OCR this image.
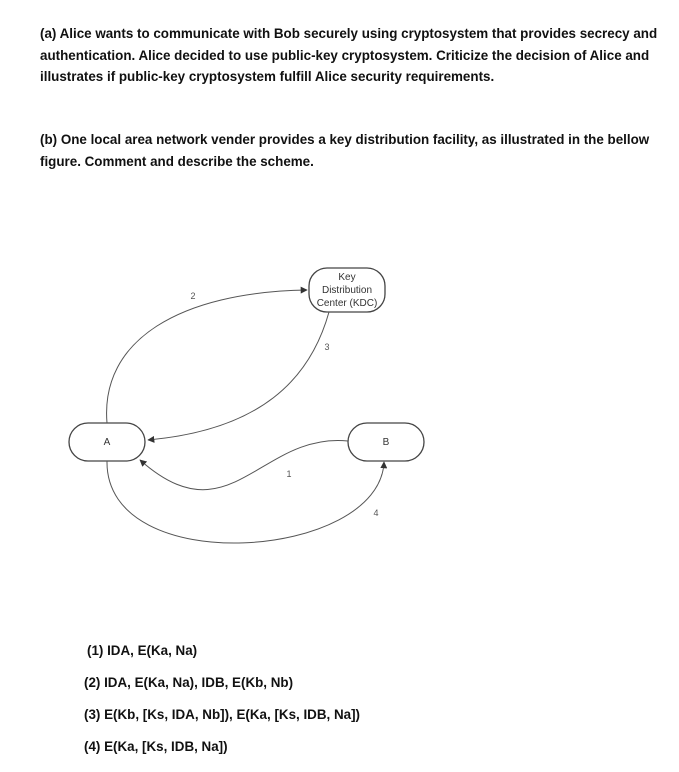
(a) Alice wants to communicate with Bob securely using cryptosystem that provides secrecy and authentication. Alice decided to use public-key cryptosystem. Criticize the decision of Alice and illustrates if public-key cryptosystem fulfill Alice security requirements.
(b) One local area network vender provides a key distribution facility, as illustrated in the bellow figure. Comment and describe the scheme.
Key
Distribution
Center (KDC)
A	B
2
3
1
4
(1) IDA, E(Ka, Na)
(2) IDA, E(Ka, Na), IDB, E(Kb, Nb)
(3) E(Kb, [Ks, IDA, Nb]), E(Ka, [Ks, IDB, Na])
(4) E(Ka, [Ks, IDB, Na])
